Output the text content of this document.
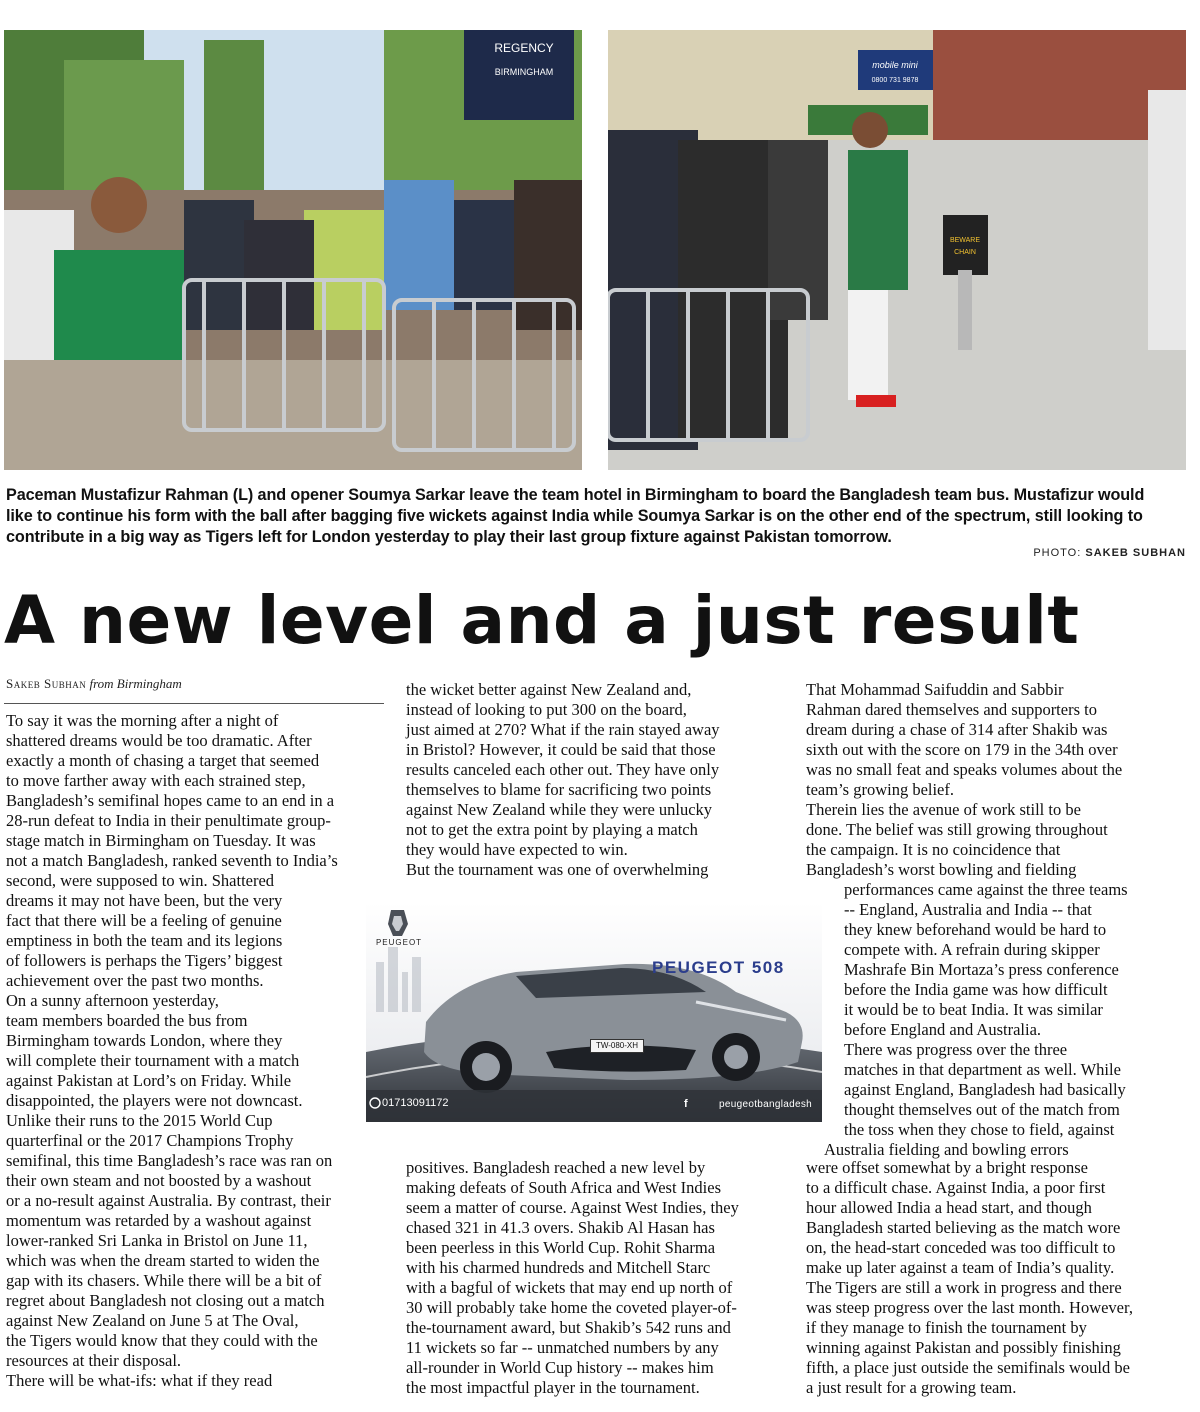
BIRMINGHAM
REGENCY
mobile mini
0800 731 9878
BEWARE
CHAIN

Paceman Mustafizur Rahman (L) and opener Soumya Sarkar leave the team hotel in Birmingham to board the Bangladesh team bus. Mustafizur would

like to continue his form with the ball after bagging five wickets against India while Soumya Sarkar is on the other end of the spectrum, still looking to

contribute in a big way as Tigers left for London yesterday to play their last group fixture against Pakistan tomorrow.

PHOTO: SAKEB SUBHAN
A new level and a just result
Sakeb Subhan from Birmingham

To say it was the morning after a night of

shattered dreams would be too dramatic. After

exactly a month of chasing a target that seemed

to move farther away with each strained step,

Bangladesh’s semifinal hopes came to an end in a

28-run defeat to India in their penultimate group-

stage match in Birmingham on Tuesday. It was

not a match Bangladesh, ranked seventh to India’s

second, were supposed to win. Shattered

dreams it may not have been, but the very

fact that there will be a feeling of genuine

emptiness in both the team and its legions

of followers is perhaps the Tigers’ biggest

achievement over the past two months.

On a sunny afternoon yesterday,

team members boarded the bus from

Birmingham towards London, where they

will complete their tournament with a match

against Pakistan at Lord’s on Friday. While

disappointed, the players were not downcast.

Unlike their runs to the 2015 World Cup

quarterfinal or the 2017 Champions Trophy

semifinal, this time Bangladesh’s race was ran on

their own steam and not boosted by a washout

or a no-result against Australia. By contrast, their

momentum was retarded by a washout against

lower-ranked Sri Lanka in Bristol on June 11,

which was when the dream started to widen the

gap with its chasers. While there will be a bit of

regret about Bangladesh not closing out a match

against New Zealand on June 5 at The Oval,

the Tigers would know that they could with the

resources at their disposal.

There will be what-ifs: what if they read

the wicket better against New Zealand and,

instead of looking to put 300 on the board,

just aimed at 270? What if the rain stayed away

in Bristol? However, it could be said that those

results canceled each other out. They have only

themselves to blame for sacrificing two points

against New Zealand while they were unlucky

not to get the extra point by playing a match

they would have expected to win.

But the tournament was one of overwhelming

positives. Bangladesh reached a new level by

making defeats of South Africa and West Indies

seem a matter of course. Against West Indies, they

chased 321 in 41.3 overs. Shakib Al Hasan has

been peerless in this World Cup. Rohit Sharma

with his charmed hundreds and Mitchell Starc

with a bagful of wickets that may end up north of

30 will probably take home the coveted player-of-

the-tournament award, but Shakib’s 542 runs and

11 wickets so far -- unmatched numbers by any

all-rounder in World Cup history -- makes him

the most impactful player in the tournament.

That Mohammad Saifuddin and Sabbir

Rahman dared themselves and supporters to

dream during a chase of 314 after Shakib was

sixth out with the score on 179 in the 34th over

was no small feat and speaks volumes about the

team’s growing belief.

Therein lies the avenue of work still to be

done. The belief was still growing throughout

the campaign. It is no coincidence that

Bangladesh’s worst bowling and fielding

performances came against the three teams

-- England, Australia and India -- that

they knew beforehand would be hard to

compete with. A refrain during skipper

Mashrafe Bin Mortaza’s press conference

before the India game was how difficult

it would be to beat India. It was similar

before England and Australia.

There was progress over the three

matches in that department as well. While

against England, Bangladesh had basically

thought themselves out of the match from

the toss when they chose to field, against

Australia fielding and bowling errors

were offset somewhat by a bright response

to a difficult chase. Against India, a poor first

hour allowed India a head start, and though

Bangladesh started believing as the match wore

on, the head-start conceded was too difficult to

make up later against a team of India’s quality.

The Tigers are still a work in progress and there

was steep progress over the last month. However,

if they manage to finish the tournament by

winning against Pakistan and possibly finishing

fifth, a place just outside the semifinals would be

a just result for a growing team.

f
PEUGEOT
PEUGEOT 508
TW-080-XH
01713091172	peugeotbangladesh
